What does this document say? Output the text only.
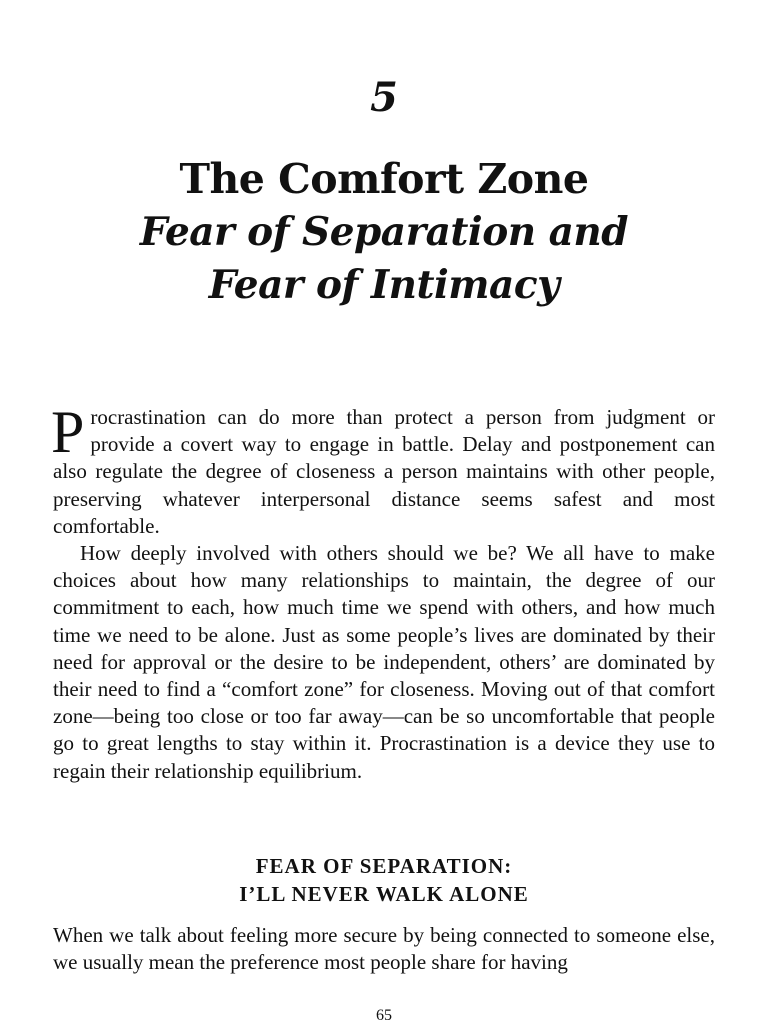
5
The Comfort Zone
Fear of Separation and
Fear of Intimacy

Procrastination can do more than protect a person from judgment or provide a covert way to engage in battle. Delay and postponement can also regulate the degree of closeness a person maintains with other people, preserving whatever interpersonal distance seems safest and most comfortable.

How deeply involved with others should we be? We all have to make choices about how many relationships to maintain, the degree of our commitment to each, how much time we spend with others, and how much time we need to be alone. Just as some people’s lives are dominated by their need for approval or the desire to be independent, others’ are dominated by their need to find a “comfort zone” for closeness. Moving out of that comfort zone—being too close or too far away—can be so uncomfortable that people go to great lengths to stay within it. Procrastination is a device they use to regain their relationship equilibrium.

FEAR OF SEPARATION:
I’LL NEVER WALK ALONE

When we talk about feeling more secure by being connected to someone else, we usually mean the preference most people share for having

65
